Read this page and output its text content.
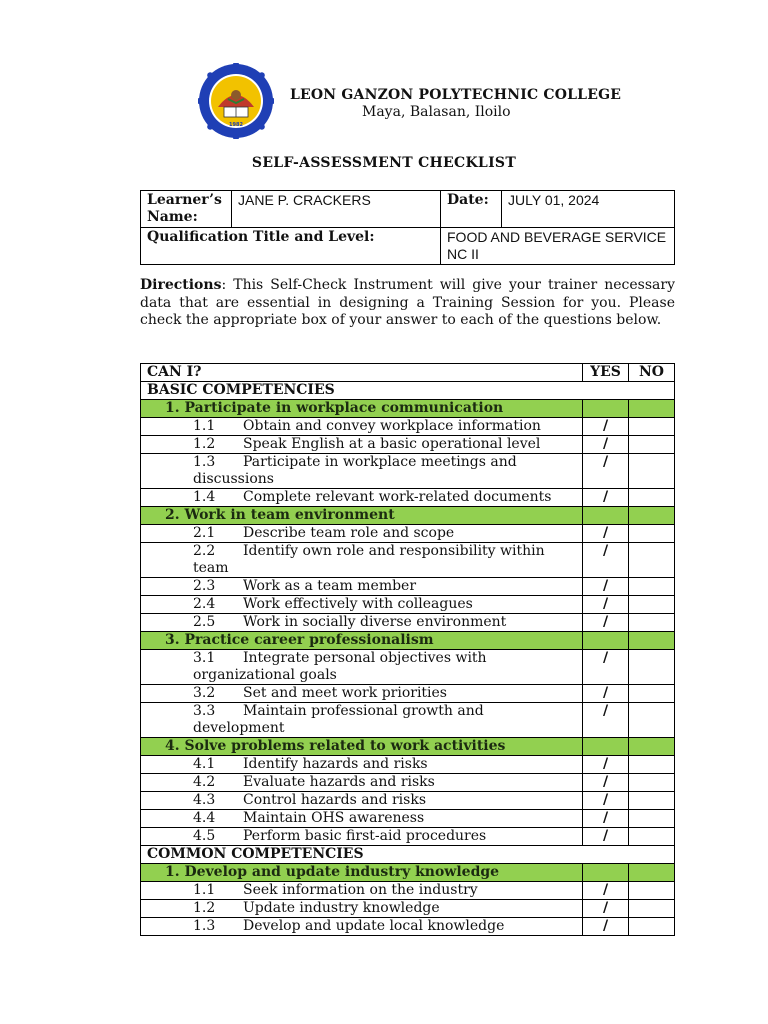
1982
LEON GANZON POLYTECHNIC COLLEGE
Maya, Balasan, Iloilo
SELF-ASSESSMENT CHECKLIST
Learner’s Name:	JANE P. CRACKERS	Date:	JULY 01, 2024
Qualification Title and Level:		FOOD AND BEVERAGE SERVICE NC II	
Directions: This Self-Check Instrument will give your trainer necessary data that are essential in designing a Training Session for you. Please check the appropriate box of your answer to each of the questions below.
CAN I?	YES	NO
BASIC COMPETENCIES		
1. Participate in workplace communication		
1.1 Obtain and convey workplace information	/	
1.2 Speak English at a basic operational level	/	
1.3 Participate in workplace meetings and discussions	/	
1.4 Complete relevant work-related documents	/	
2. Work in team environment		
2.1 Describe team role and scope	/	
2.2 Identify own role and responsibility within team	/	
2.3 Work as a team member	/	
2.4 Work effectively with colleagues	/	
2.5 Work in socially diverse environment	/	
3. Practice career professionalism		
3.1 Integrate personal objectives with organizational goals	/	
3.2 Set and meet work priorities	/	
3.3 Maintain professional growth and development	/	
4. Solve problems related to work activities		
4.1 Identify hazards and risks	/	
4.2 Evaluate hazards and risks	/	
4.3 Control hazards and risks	/	
4.4 Maintain OHS awareness	/	
4.5 Perform basic first-aid procedures	/	
COMMON COMPETENCIES		
1. Develop and update industry knowledge		
1.1 Seek information on the industry	/	
1.2 Update industry knowledge	/	
1.3 Develop and update local knowledge	/	
